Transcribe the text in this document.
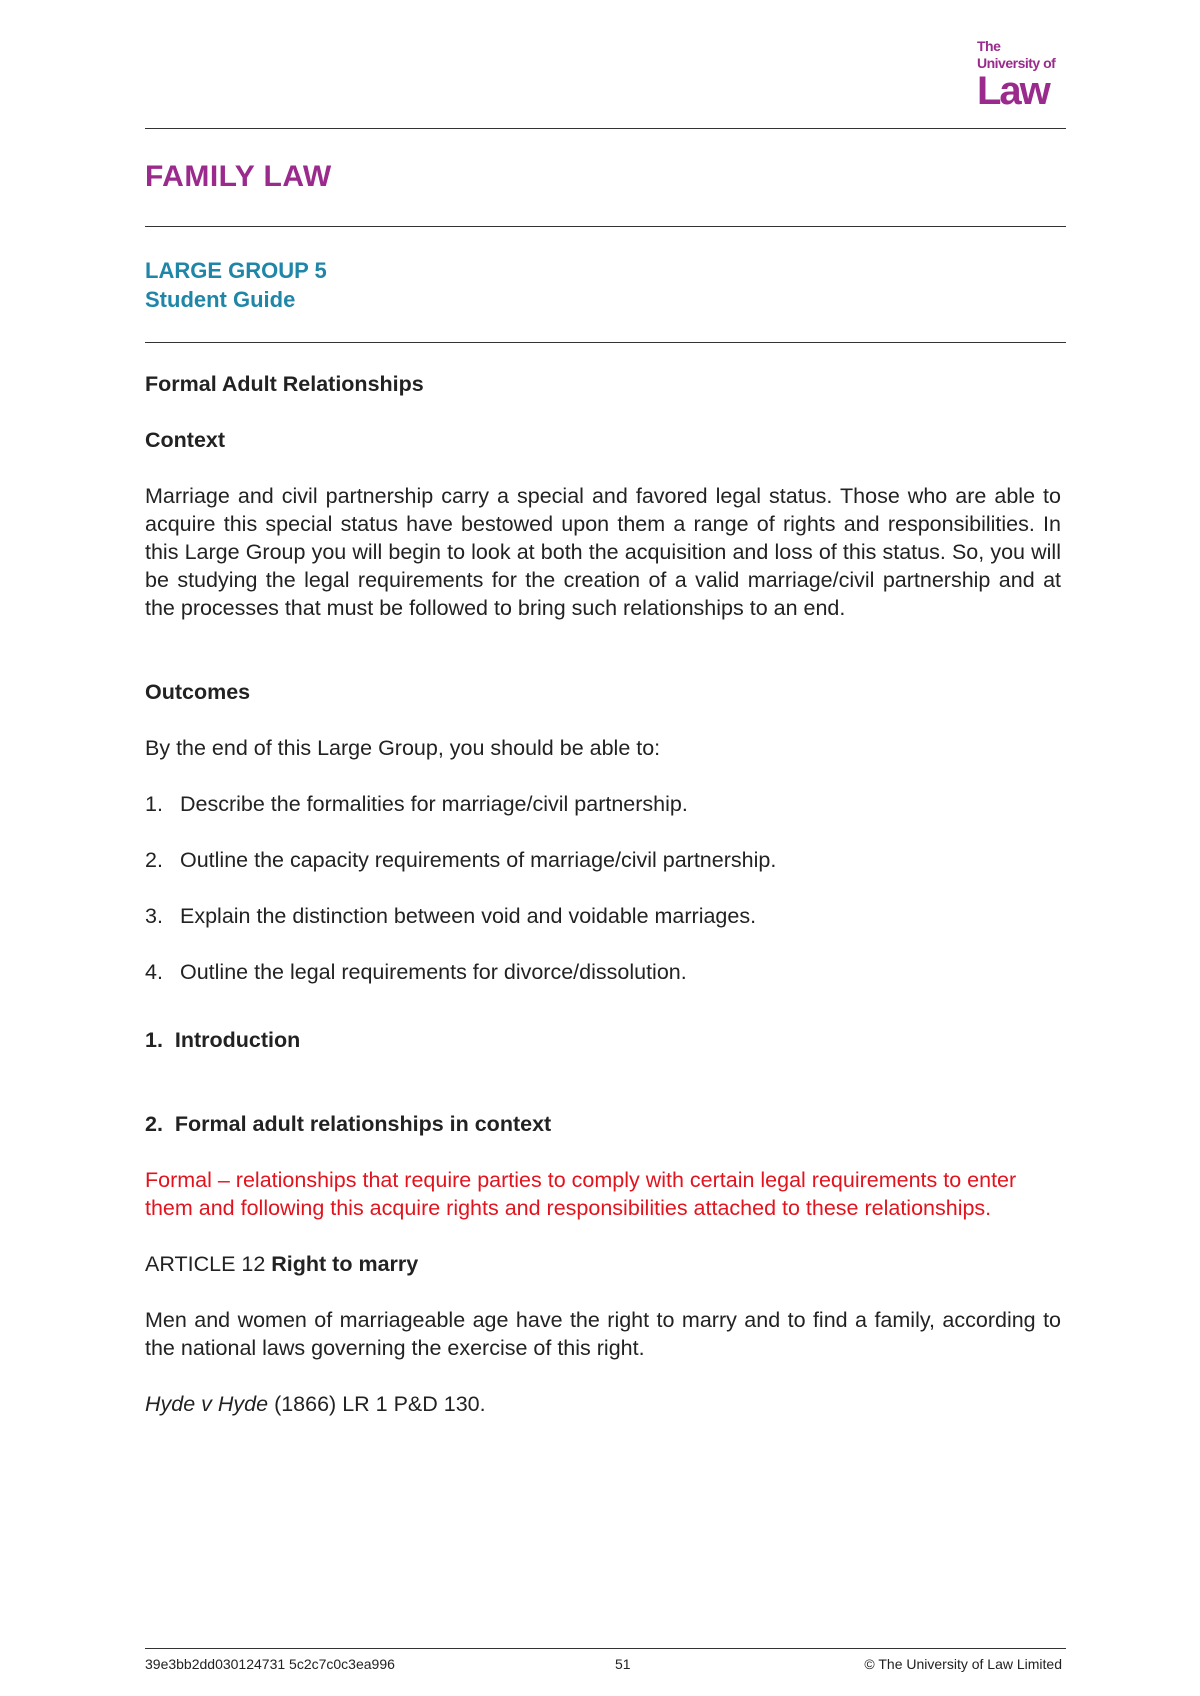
The
University of
Law
FAMILY LAW
LARGE GROUP 5
Student Guide

Formal Adult Relationships

Context

Marriage and civil partnership carry a special and favored legal status. Those who are able to acquire this special status have bestowed upon them a range of rights and responsibilities. In this Large Group you will begin to look at both the acquisition and loss of this status. So, you will be studying the legal requirements for the creation of a valid marriage/civil partnership and at the processes that must be followed to bring such relationships to an end.

Outcomes

By the end of this Large Group, you should be able to:

1. Describe the formalities for marriage/civil partnership.
2. Outline the capacity requirements of marriage/civil partnership.
3. Explain the distinction between void and voidable marriages.
4. Outline the legal requirements for divorce/dissolution.

1.  Introduction

2.  Formal adult relationships in context

Formal – relationships that require parties to comply with certain legal requirements to enter them and following this acquire rights and responsibilities attached to these relationships.

ARTICLE 12 Right to marry

Men and women of marriageable age have the right to marry and to find a family, according to the national laws governing the exercise of this right.

Hyde v Hyde (1866) LR 1 P&D 130.

39e3bb2dd030124731 5c2c7c0c3ea996	51	© The University of Law Limited
